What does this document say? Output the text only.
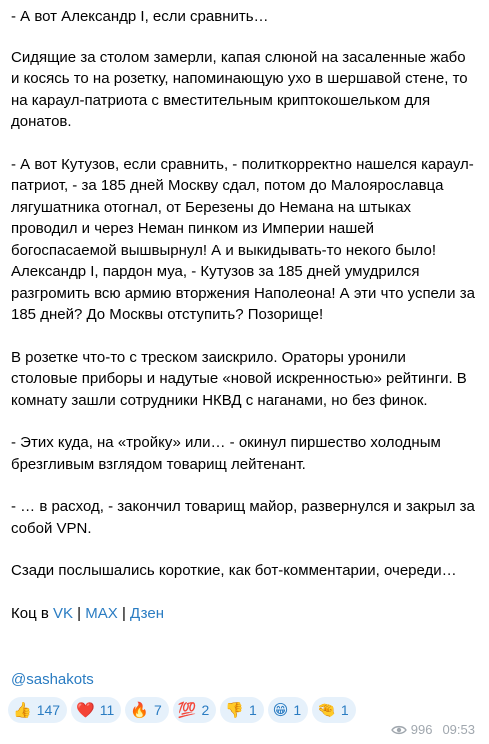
- А вот Александр I, если сравнить…
Сидящие за столом замерли, капая слюной на засаленные жабо и косясь то на розетку, напоминающую ухо в шершавой стене, то на караул-патриота с вместительным криптокошельком для донатов.
- А вот Кутузов, если сравнить, - политкорректно нашелся караул-патриот, - за 185 дней Москву сдал, потом до Малоярославца лягушатника отогнал, от Березены до Немана на штыках проводил и через Неман пинком из Империи нашей богоспасаемой вышвырнул! А и выкидывать-то некого было! Александр I, пардон муа, - Кутузов за 185 дней умудрился разгромить всю армию вторжения Наполеона! А эти что успели за 185 дней? До Москвы отступить? Позорище!
В розетке что-то с треском заискрило. Ораторы уронили столовые приборы и надутые «новой искренностью» рейтинги. В комнату зашли сотрудники НКВД с наганами, но без финок.
- Этих куда, на «тройку» или… - окинул пиршество холодным брезгливым взглядом товарищ лейтенант.
- … в расход, - закончил товарищ майор, развернулся и закрыл за собой VPN.
Сзади послышались короткие, как бот-комментарии, очереди…
Коц в VK | MAX | Дзен
@sashakots
👍 147 ❤️ 11 🔥 7 💯 2 👎 1 😁 1 🤏 1
996 09:53
